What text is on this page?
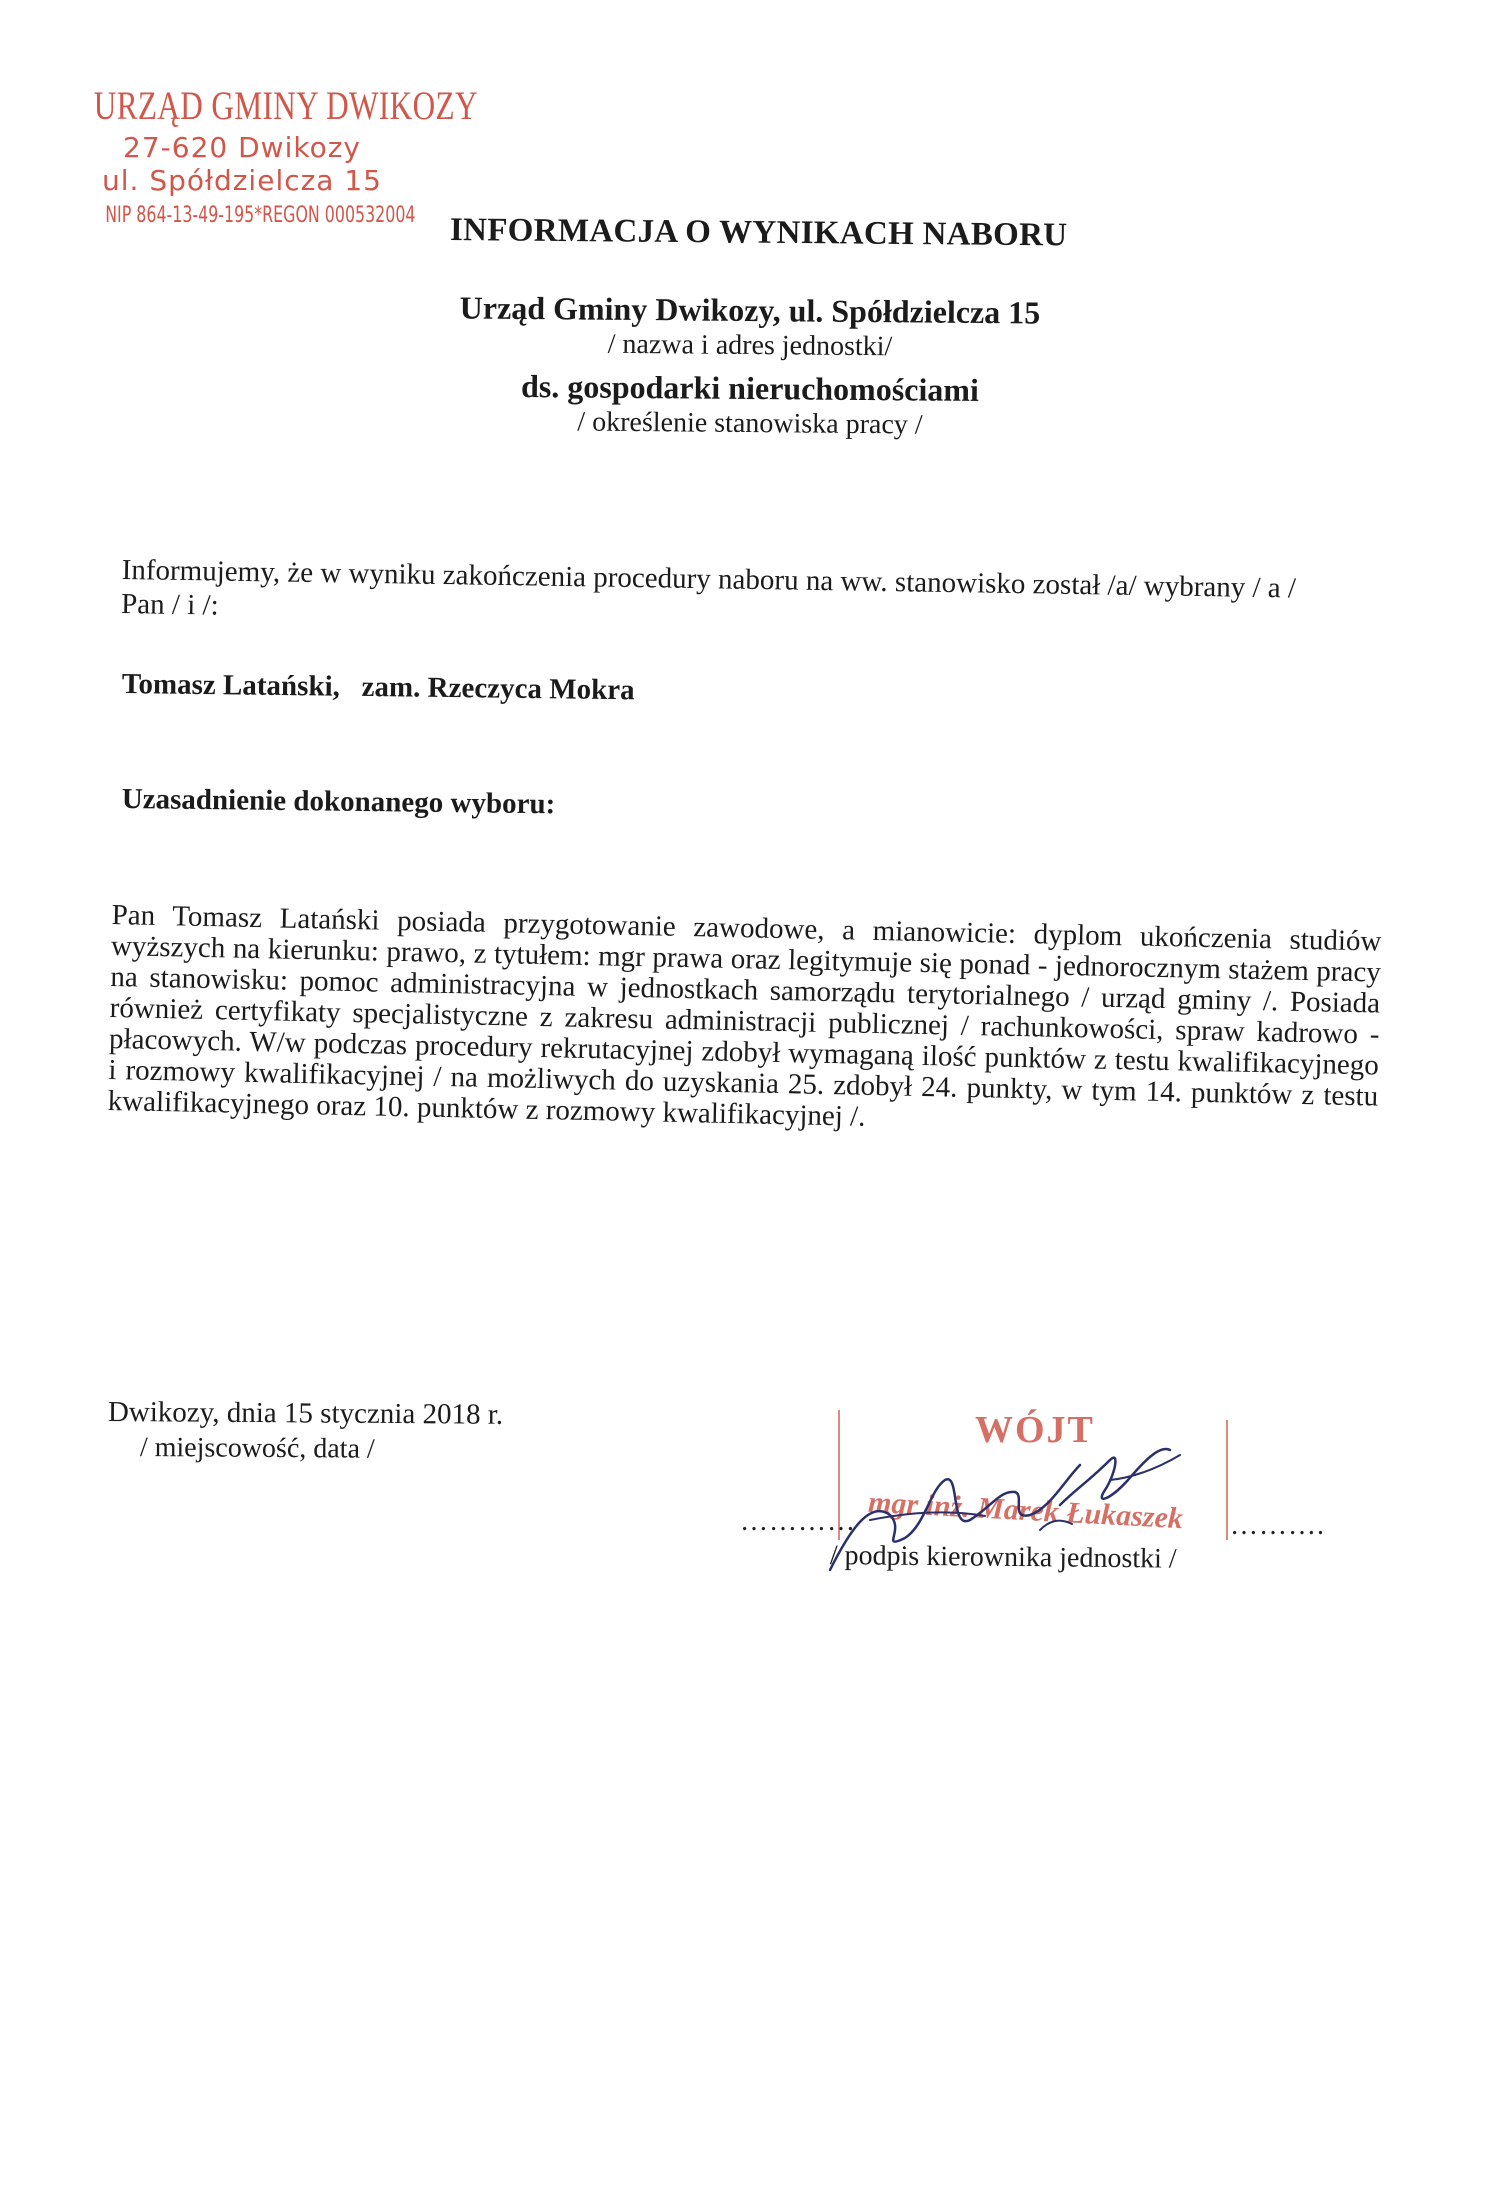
URZĄD GMINY DWIKOZY
27-620 Dwikozy
ul. Spółdzielcza 15
NIP 864-13-49-195*REGON 000532004 INFORMACJA O WYNIKACH NABORU
Urząd Gminy Dwikozy, ul. Spółdzielcza 15
/ nazwa i adres jednostki/
ds. gospodarki nieruchomościami
/ określenie stanowiska pracy /
Informujemy, że w wyniku zakończenia procedury naboru na ww. stanowisko został /a/ wybrany / a / Pan / i /:
Tomasz Latański,   zam. Rzeczyca Mokra
Uzasadnienie dokonanego wyboru:
Pan Tomasz Latański posiada przygotowanie zawodowe, a mianowicie: dyplom ukończenia studiów wyższych na kierunku: prawo, z tytułem: mgr prawa oraz legitymuje się ponad - jednorocznym stażem pracy na stanowisku: pomoc administracyjna w jednostkach samorządu terytorialnego / urząd gminy /. Posiada również certyfikaty specjalistyczne z zakresu administracji publicznej / rachunkowości, spraw kadrowo - płacowych. W/w podczas procedury rekrutacyjnej zdobył wymaganą ilość punktów z testu kwalifikacyjnego i rozmowy kwalifikacyjnej / na możliwych do uzyskania 25. zdobył 24. punkty, w tym 14. punktów z testu kwalifikacyjnego oraz 10. punktów z rozmowy kwalifikacyjnej /.
Dwikozy, dnia 15 stycznia 2018 r.
/ miejscowość, data /	WÓJT
mgr inż. Marek Łukaszek
…………	……….
/ podpis kierownika jednostki /
